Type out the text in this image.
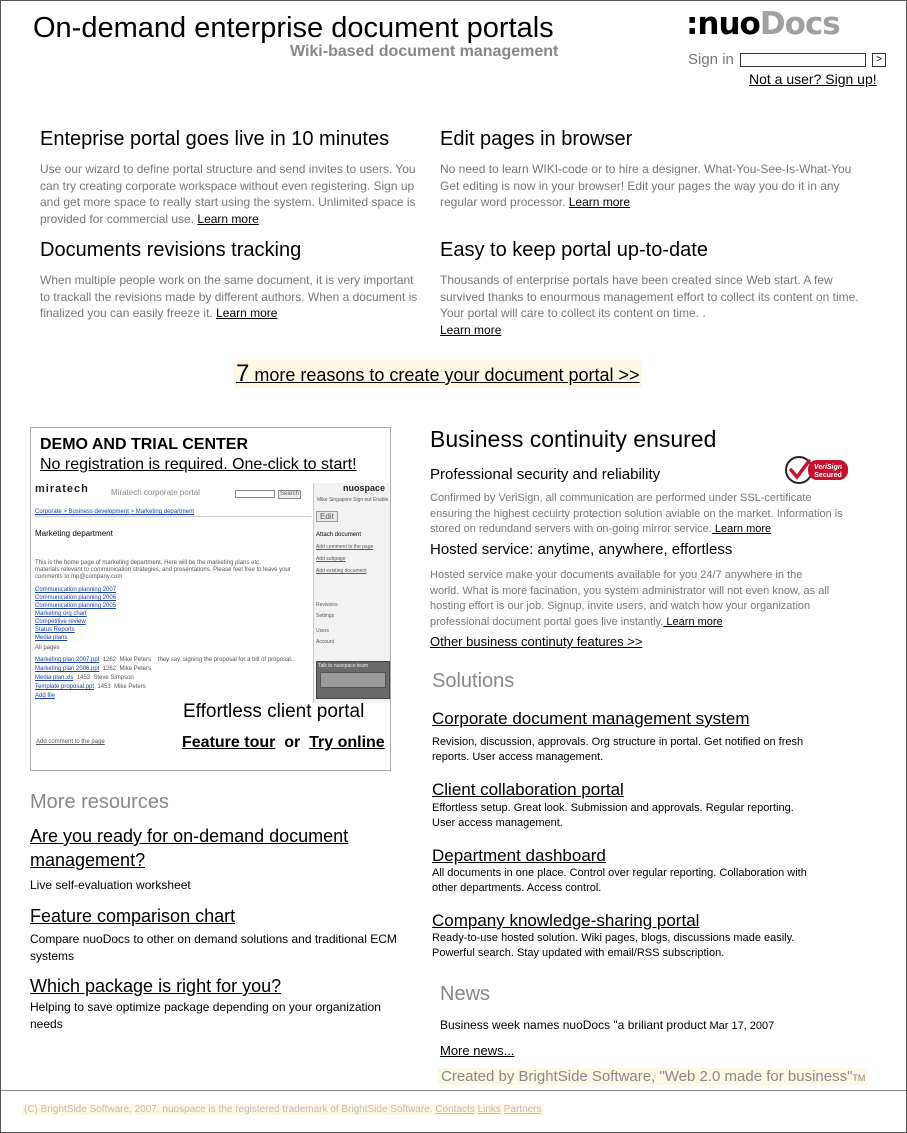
On-demand enterprise document portals
Wiki-based document management
:nuoDocs
Sign in	>
Not a user? Sign up!
Enteprise portal goes live in 10 minutes
Use our wizard to define portal structure and send invites to users. You can try creating corporate workspace without even registering. Sign up and get more space to really start using the system. Unlimited space is provided for commercial use. Learn more
Edit pages in browser
No need to learn WIKI-code or to hire a designer. What-You-See-Is-What-You Get editing is now in your browser! Edit your pages the way you do it in any regular word processor. Learn more
Documents revisions tracking
When multiple people work on the same document, it is very important to trackall the revisions made by different authors. When a document is finalized you can easily freeze it. Learn more
Easy to keep portal up-to-date
Thousands of enterprise portals have been created since Web start. A few survived thanks to enourmous management effort to collect its content on time. Your portal will care to collect its content on time. .
Learn more
7 more reasons to create your document portal >>
DEMO AND TRIAL CENTER
No registration is required. One-click to start!
miratech	Miratech corporate portal	Search
nuospace
Mike Singapore Sign out Enable
Corporate > Business development > Marketing department	Edit
Marketing department
This is the home page of marketing department. Here will be the marketing plans etc.
materials relevant to communication strategies, and presentations. Please feel free to leave your
comments to mp@company.com
Communication planning 2007
Communication planning 2006
Communication planning 2005
Marketing org chart
Competitive review
Status Reports
Media plans
All pages
Attach document
Add comment to the page
Add subpage
Add existing document
Revisions
Settings
Users
Account
Marketing plan 2007.ppt 1262 Mike Peters they say, signing the proposal for a bill of proposal...
Marketing plan 2006.ppt 1262 Mike Peters
Media plan.xls 1453 Steve Simpson
Template proposal.ppt 1453 Mike Peters
Add file
Talk to nuospace team
Add comment to the page
Effortless client portal
Feature tour or Try online
More resources
Are you ready for on-demand document management?
Live self-evaluation worksheet
Feature comparison chart
Compare nuoDocs to other on demand solutions and traditional ECM systems
Which package is right for you?
Helping to save optimize package depending on your organization needs
Business continuity ensured
Professional security and reliability	VeriSign
Secured
Confirmed by VeriSign, all communication are performed under SSL-certificate ensuring the highest cecuirty protection solution aviable on the market. Information is stored on redundand servers with on-going mirror service. Learn more
Hosted service: anytime, anywhere, effortless
Hosted service make your documents available for you 24/7 anywhere in the world. What is more facination, you system administrator will not even know, as all hosting effort is our job. Signup, invite users, and watch how your organization professional document portal goes live instantly. Learn more
Other business continuty features >>
Solutions
Corporate document management system
Revision, discussion, approvals. Org structure in portal. Get notified on fresh reports. User access management.
Client collaboration portal
Effortless setup. Great look. Submission and approvals. Regular reporting. User access management.
Department dashboard
All documents in one place. Control over regular reporting. Collaboration with other departments. Access control.
Company knowledge-sharing portal
Ready-to-use hosted solution. Wiki pages, blogs, discussions made easily. Powerful search. Stay updated with email/RSS subscription.
News
Business week names nuoDocs "a briliant product Mar 17, 2007
More news...
Created by BrightSide Software, "Web 2.0 made for business"TM
(C) BrightSide Software, 2007. nuospace is the registered trademark of BrightSide Software. Contacts Links Partners
